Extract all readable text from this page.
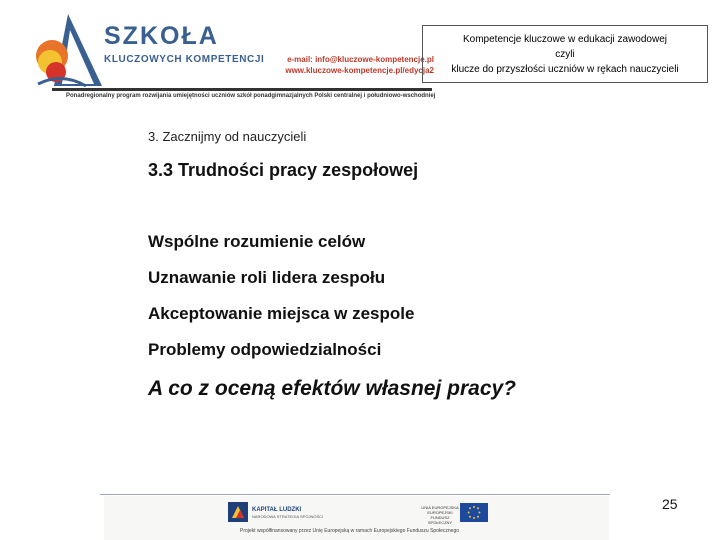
SZKOŁA
KLUCZOWYCH KOMPETENCJI	e-mail: info@kluczowe-kompetencje.pl
www.kluczowe-kompetencje.pl/edycja2
Ponadregionalny program rozwijania umiejętności uczniów szkół ponadgimnazjalnych Polski centralnej i południowo-wschodniej
Kompetencje kluczowe w edukacji zawodowej
czyli
klucze do przyszłości uczniów w rękach nauczycieli
3. Zacznijmy od nauczycieli
3.3 Trudności pracy zespołowej
Wspólne rozumienie celów
Uznawanie roli lidera zespołu
Akceptowanie miejsca w zespole
Problemy odpowiedzialności
A co z oceną efektów własnej pracy?
KAPITAŁ LUDZKI
NARODOWA STRATEGIA SPÓJNOŚCI
UNIA EUROPEJSKA EUROPEJSKI FUNDUSZ SPOŁECZNY
Projekt współfinansowany przez Unię Europejską w ramach Europejskiego Funduszu Społecznego
25
